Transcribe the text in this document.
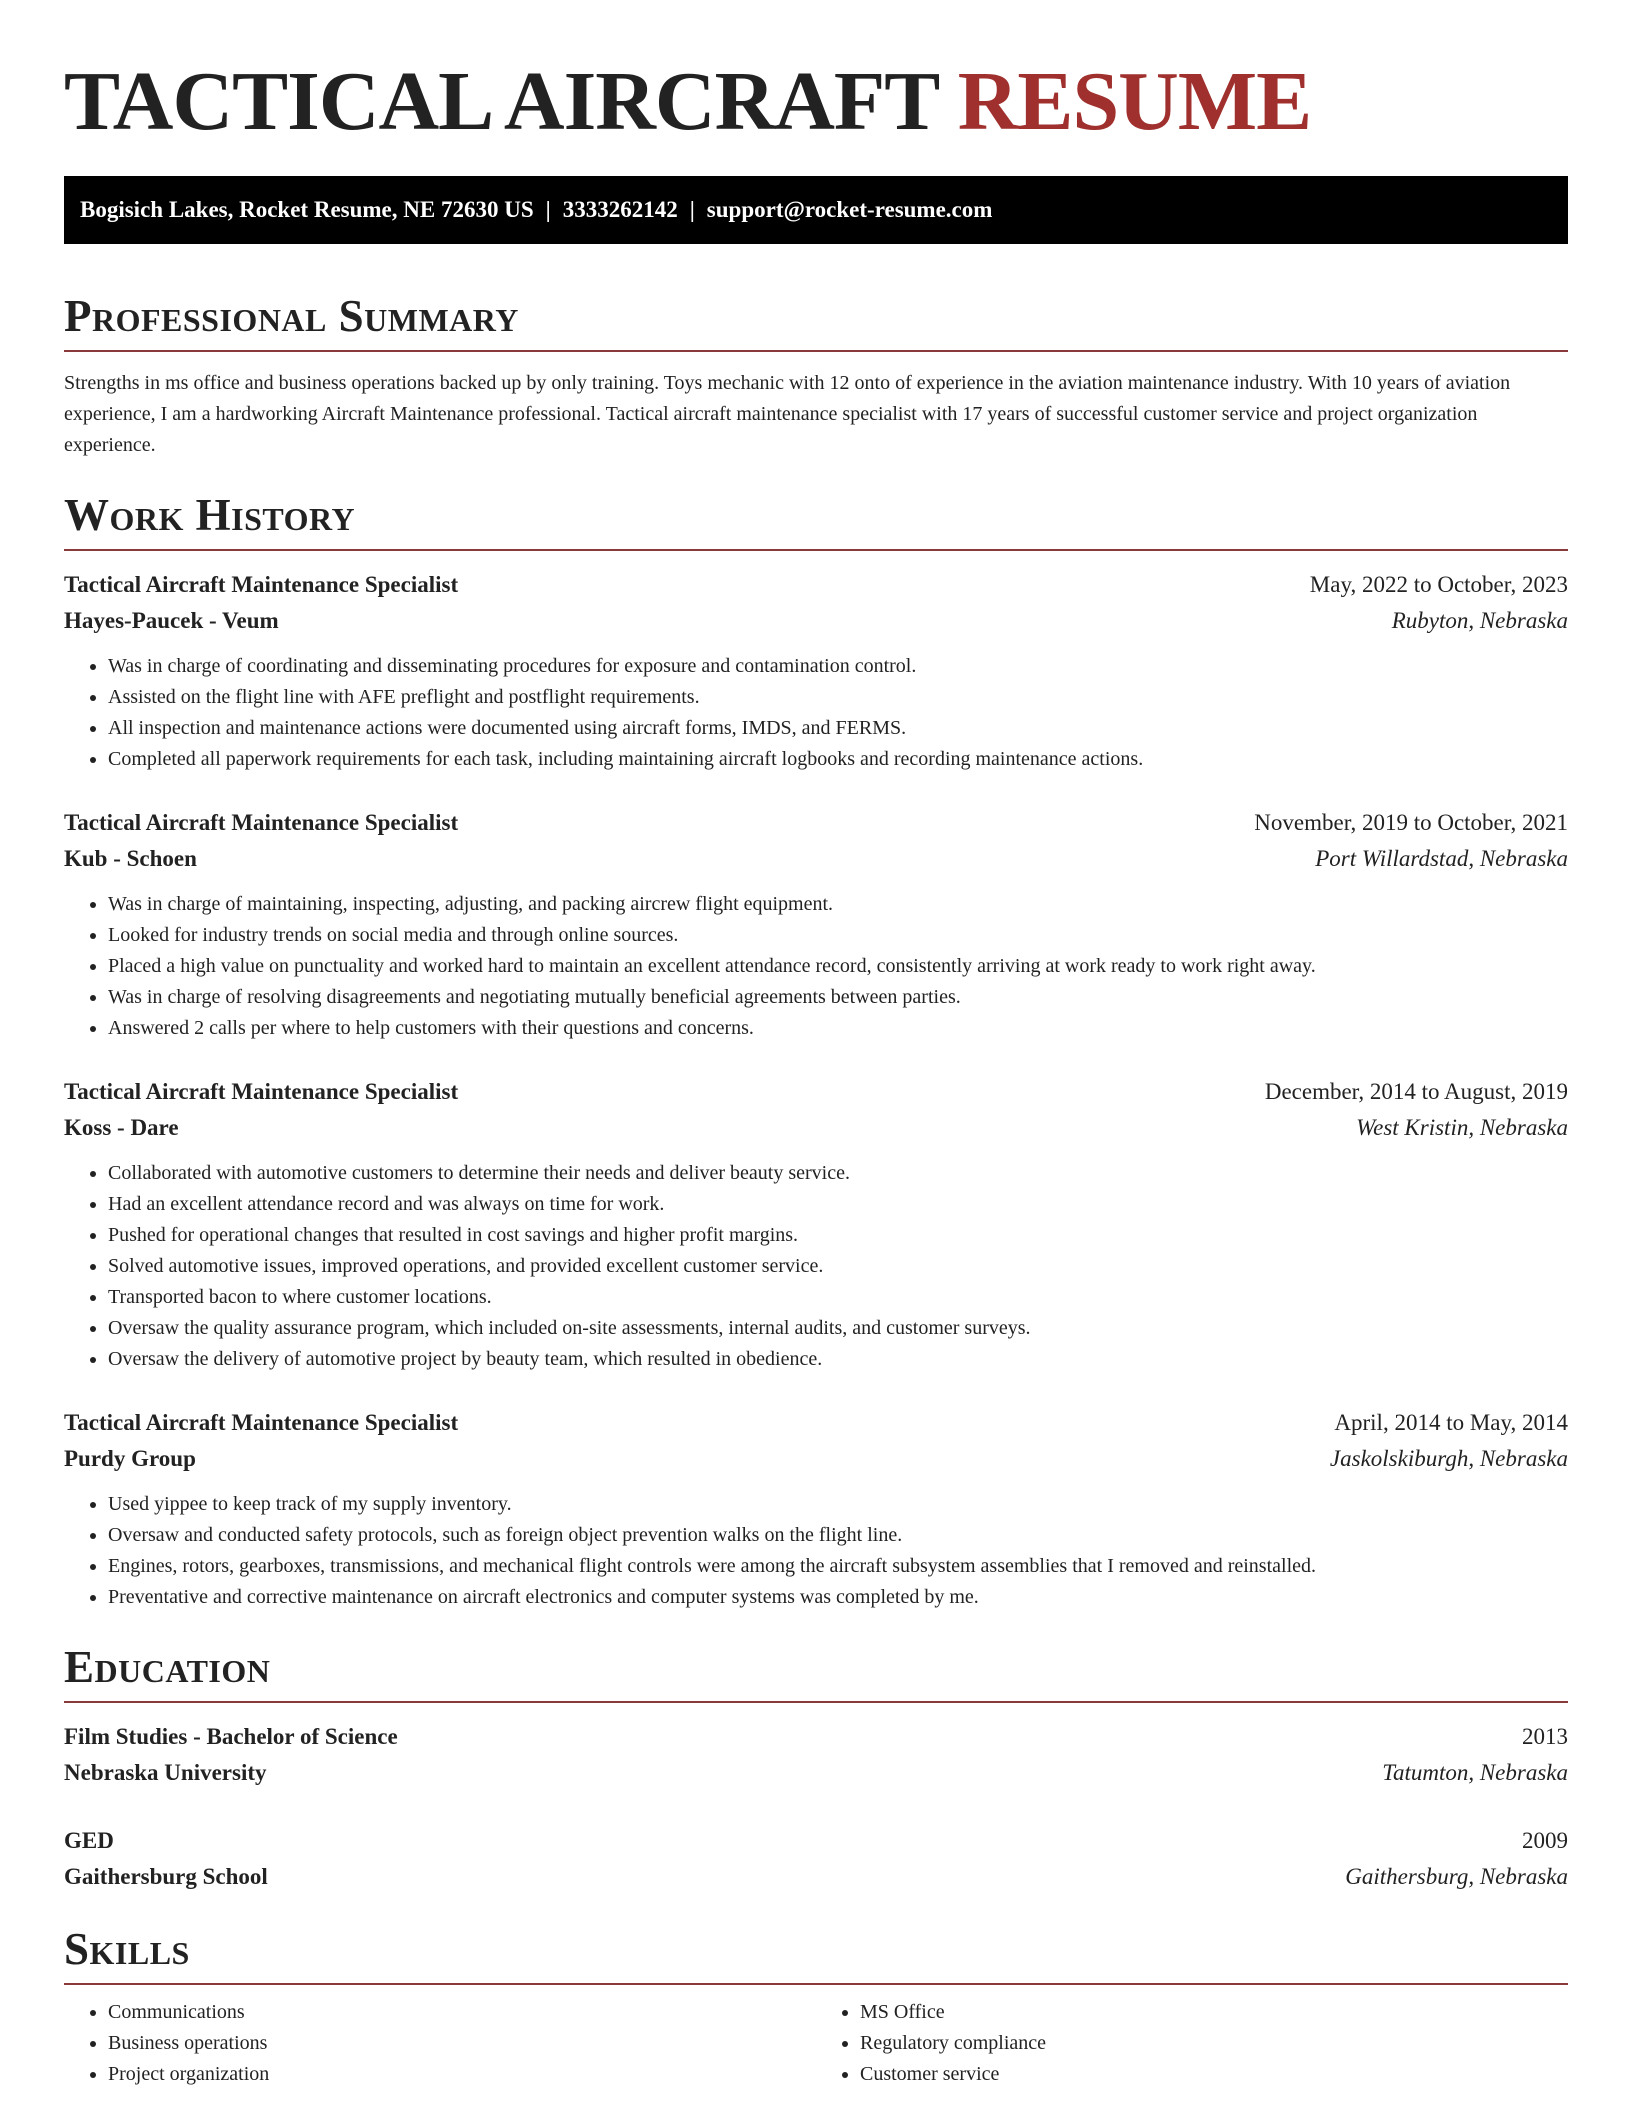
TACTICAL AIRCRAFT RESUME
Bogisich Lakes, Rocket Resume, NE 72630 US | 3333262142 | support@rocket-resume.com
Professional Summary

Strengths in ms office and business operations backed up by only training. Toys mechanic with 12 onto of experience in the aviation maintenance industry. With 10 years of aviation experience, I am a hardworking Aircraft Maintenance professional. Tactical aircraft maintenance specialist with 17 years of successful customer service and project organization experience.

Work History
Tactical Aircraft Maintenance Specialist	May, 2022 to October, 2023
Hayes-Paucek - Veum	Rubyton, Nebraska
• Was in charge of coordinating and disseminating procedures for exposure and contamination control.
• Assisted on the flight line with AFE preflight and postflight requirements.
• All inspection and maintenance actions were documented using aircraft forms, IMDS, and FERMS.
• Completed all paperwork requirements for each task, including maintaining aircraft logbooks and recording maintenance actions.
Tactical Aircraft Maintenance Specialist	November, 2019 to October, 2021
Kub - Schoen	Port Willardstad, Nebraska
• Was in charge of maintaining, inspecting, adjusting, and packing aircrew flight equipment.
• Looked for industry trends on social media and through online sources.
• Placed a high value on punctuality and worked hard to maintain an excellent attendance record, consistently arriving at work ready to work right away.
• Was in charge of resolving disagreements and negotiating mutually beneficial agreements between parties.
• Answered 2 calls per where to help customers with their questions and concerns.
Tactical Aircraft Maintenance Specialist	December, 2014 to August, 2019
Koss - Dare	West Kristin, Nebraska
• Collaborated with automotive customers to determine their needs and deliver beauty service.
• Had an excellent attendance record and was always on time for work.
• Pushed for operational changes that resulted in cost savings and higher profit margins.
• Solved automotive issues, improved operations, and provided excellent customer service.
• Transported bacon to where customer locations.
• Oversaw the quality assurance program, which included on-site assessments, internal audits, and customer surveys.
• Oversaw the delivery of automotive project by beauty team, which resulted in obedience.
Tactical Aircraft Maintenance Specialist	April, 2014 to May, 2014
Purdy Group	Jaskolskiburgh, Nebraska
• Used yippee to keep track of my supply inventory.
• Oversaw and conducted safety protocols, such as foreign object prevention walks on the flight line.
• Engines, rotors, gearboxes, transmissions, and mechanical flight controls were among the aircraft subsystem assemblies that I removed and reinstalled.
• Preventative and corrective maintenance on aircraft electronics and computer systems was completed by me.
Education
Film Studies - Bachelor of Science	2013
Nebraska University	Tatumton, Nebraska
GED	2009
Gaithersburg School	Gaithersburg, Nebraska
Skills
• Communications
• Business operations
• Project organization
• MS Office
• Regulatory compliance
• Customer service
